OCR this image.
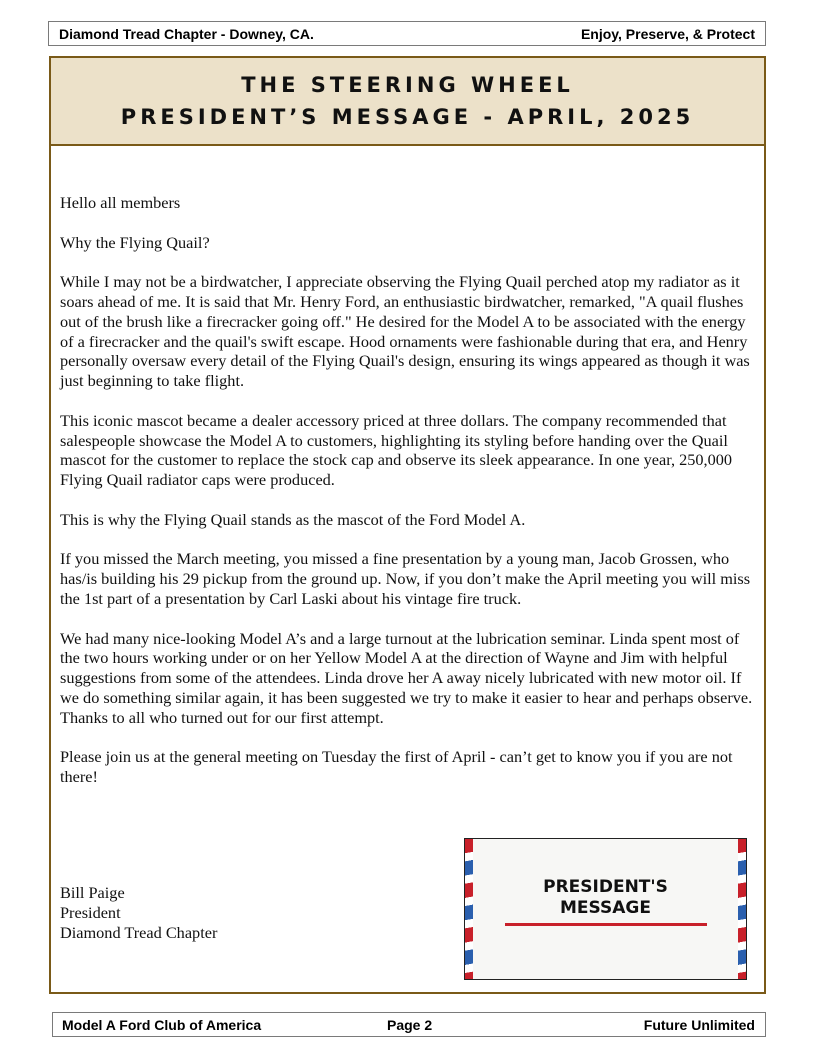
Diamond Tread Chapter - Downey, CA.	Enjoy, Preserve, & Protect
THE STEERING WHEEL
PRESIDENT’S MESSAGE - APRIL, 2025

Hello all members

Why the Flying Quail?

While I may not be a birdwatcher, I appreciate observing the Flying Quail perched atop my radiator as it soars ahead of me. It is said that Mr. Henry Ford, an enthusiastic birdwatcher, remarked, "A quail flushes out of the brush like a firecracker going off." He desired for the Model A to be associated with the energy of a firecracker and the quail's swift escape. Hood ornaments were fashionable during that era, and Henry personally oversaw every detail of the Flying Quail's design, ensuring its wings appeared as though it was just beginning to take flight.

This iconic mascot became a dealer accessory priced at three dollars. The company recommended that salespeople showcase the Model A to customers, highlighting its styling before handing over the Quail mascot for the customer to replace the stock cap and observe its sleek appearance. In one year, 250,000 Flying Quail radiator caps were produced.

This is why the Flying Quail stands as the mascot of the Ford Model A.

If you missed the March meeting, you missed a fine presentation by a young man, Jacob Grossen, who has/is building his 29 pickup from the ground up. Now, if you don’t make the April meeting you will miss the 1st part of a presentation by Carl Laski about his vintage fire truck.

We had many nice-looking Model A’s and a large turnout at the lubrication seminar. Linda spent most of the two hours working under or on her Yellow Model A at the direction of Wayne and Jim with helpful suggestions from some of the attendees. Linda drove her A away nicely lubricated with new motor oil. If we do something similar again, it has been suggested we try to make it easier to hear and perhaps observe. Thanks to all who turned out for our first attempt.

Please join us at the general meeting on Tuesday the first of April - can’t get to know you if you are not there!

Bill Paige
President
Diamond Tread Chapter
PRESIDENT'S
MESSAGE
Model A Ford Club of America	Page 2	Future Unlimited
